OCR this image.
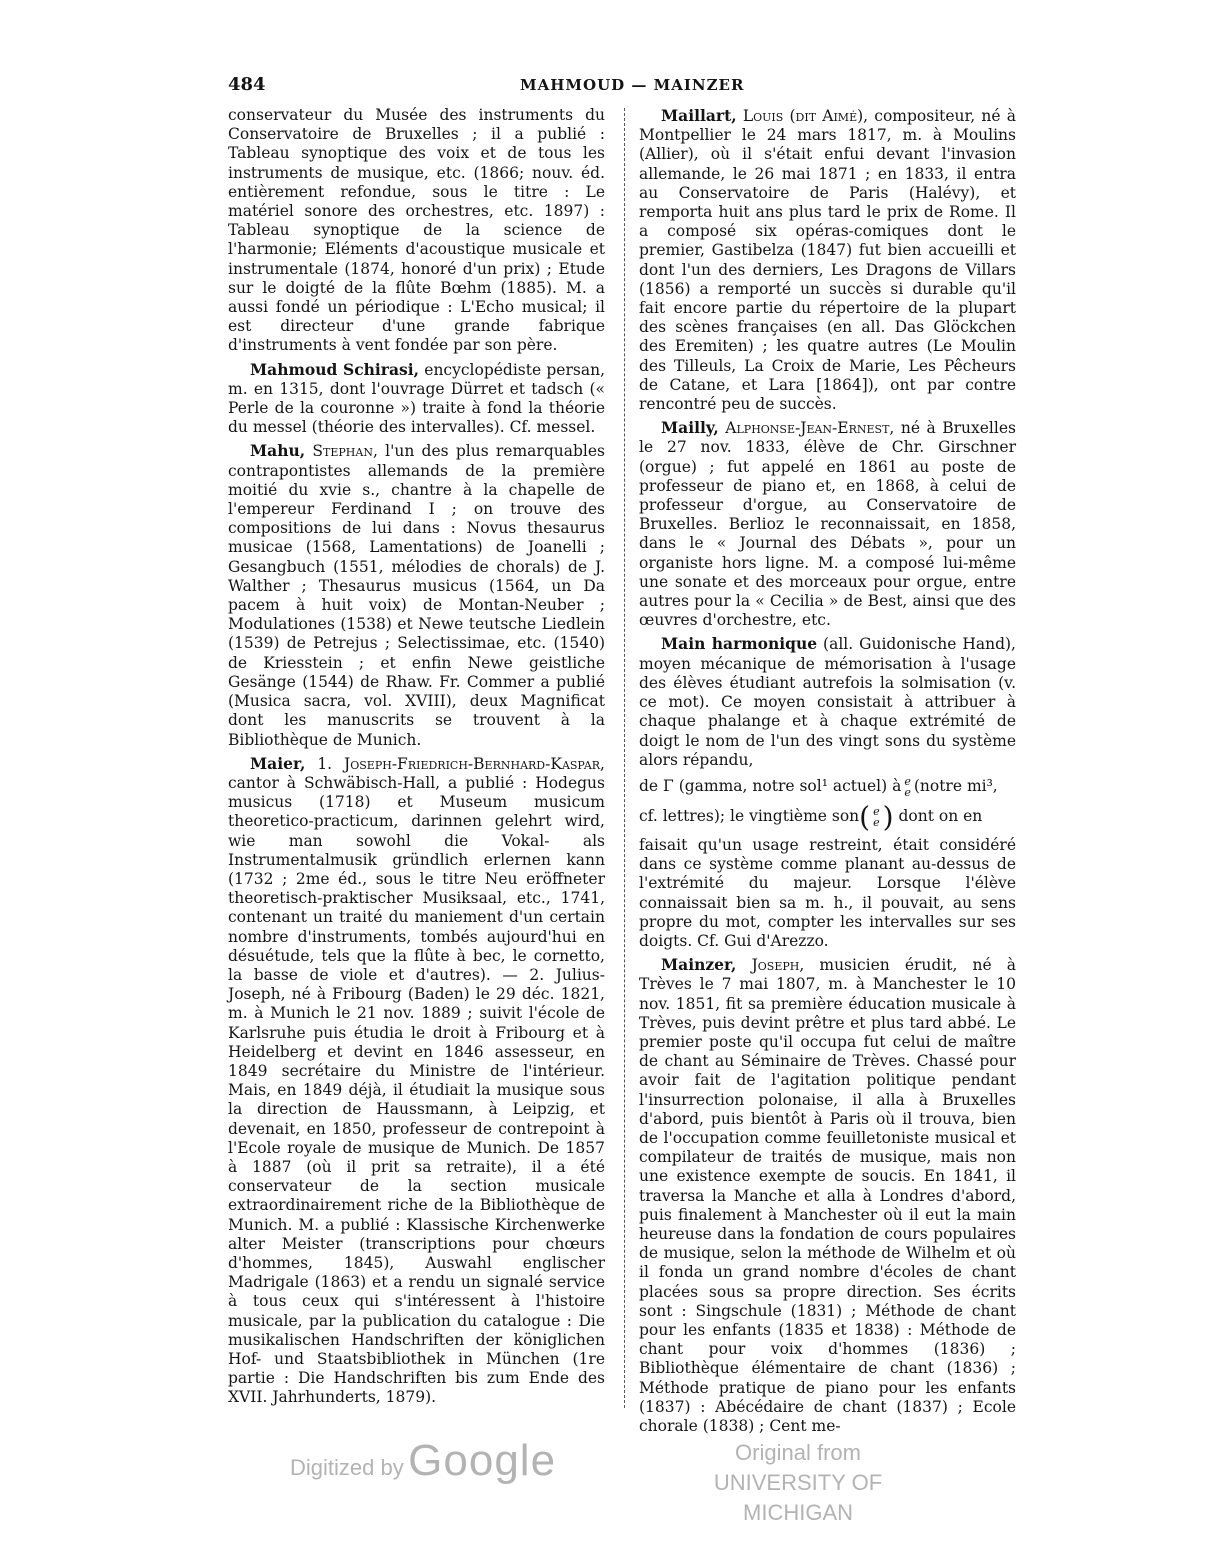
484	MAHMOUD — MAINZER

conservateur du Musée des instruments du Conservatoire de Bruxelles ; il a publié : Tableau synoptique des voix et de tous les instruments de musique, etc. (1866; nouv. éd. entièrement refondue, sous le titre : Le matériel sonore des orchestres, etc. 1897) : Tableau synoptique de la science de l'harmonie; Eléments d'acoustique musicale et instrumentale (1874, honoré d'un prix) ; Etude sur le doigté de la flûte Bœhm (1885). M. a aussi fondé un périodique : L'Echo musical; il est directeur d'une grande fabrique d'instruments à vent fondée par son père.

Mahmoud Schirasi, encyclopédiste persan, m. en 1315, dont l'ouvrage Dürret et tadsch (« Perle de la couronne ») traite à fond la théorie du messel (théorie des intervalles). Cf. messel.

Mahu, Stephan, l'un des plus remarquables contrapontistes allemands de la première moitié du xvie s., chantre à la chapelle de l'empereur Ferdinand I ; on trouve des compositions de lui dans : Novus thesaurus musicae (1568, Lamentations) de Joanelli ; Gesangbuch (1551, mélodies de chorals) de J. Walther ; Thesaurus musicus (1564, un Da pacem à huit voix) de Montan-Neuber ; Modulationes (1538) et Newe teutsche Liedlein (1539) de Petrejus ; Selectissimae, etc. (1540) de Kriesstein ; et enfin Newe geistliche Gesänge (1544) de Rhaw. Fr. Commer a publié (Musica sacra, vol. XVIII), deux Magnificat dont les manuscrits se trouvent à la Bibliothèque de Munich.

Maier, 1. Joseph-Friedrich-Bernhard-Kaspar, cantor à Schwäbisch-Hall, a publié : Hodegus musicus (1718) et Museum musicum theoretico-practicum, darinnen gelehrt wird, wie man sowohl die Vokal- als Instrumentalmusik gründlich erlernen kann (1732 ; 2me éd., sous le titre Neu eröffneter theoretisch-praktischer Musiksaal, etc., 1741, contenant un traité du maniement d'un certain nombre d'instruments, tombés aujourd'hui en désuétude, tels que la flûte à bec, le cornetto, la basse de viole et d'autres). — 2. Julius-Joseph, né à Fribourg (Baden) le 29 déc. 1821, m. à Munich le 21 nov. 1889 ; suivit l'école de Karlsruhe puis étudia le droit à Fribourg et à Heidelberg et devint en 1846 assesseur, en 1849 secrétaire du Ministre de l'intérieur. Mais, en 1849 déjà, il étudiait la musique sous la direction de Haussmann, à Leipzig, et devenait, en 1850, professeur de contrepoint à l'Ecole royale de musique de Munich. De 1857 à 1887 (où il prit sa retraite), il a été conservateur de la section musicale extraordinairement riche de la Bibliothèque de Munich. M. a publié : Klassische Kirchenwerke alter Meister (transcriptions pour chœurs d'hommes, 1845), Auswahl englischer Madrigale (1863) et a rendu un signalé service à tous ceux qui s'intéressent à l'histoire musicale, par la publication du catalogue : Die musikalischen Handschriften der königlichen Hof- und Staatsbibliothek in München (1re partie : Die Handschriften bis zum Ende des XVII. Jahrhunderts, 1879).

Maillart, Louis (dit Aimé), compositeur, né à Montpellier le 24 mars 1817, m. à Moulins (Allier), où il s'était enfui devant l'invasion allemande, le 26 mai 1871 ; en 1833, il entra au Conservatoire de Paris (Halévy), et remporta huit ans plus tard le prix de Rome. Il a composé six opéras-comiques dont le premier, Gastibelza (1847) fut bien accueilli et dont l'un des derniers, Les Dragons de Villars (1856) a remporté un succès si durable qu'il fait encore partie du répertoire de la plupart des scènes françaises (en all. Das Glöckchen des Eremiten) ; les quatre autres (Le Moulin des Tilleuls, La Croix de Marie, Les Pêcheurs de Catane, et Lara [1864]), ont par contre rencontré peu de succès.

Mailly, Alphonse-Jean-Ernest, né à Bruxelles le 27 nov. 1833, élève de Chr. Girschner (orgue) ; fut appelé en 1861 au poste de professeur de piano et, en 1868, à celui de professeur d'orgue, au Conservatoire de Bruxelles. Berlioz le reconnaissait, en 1858, dans le « Journal des Débats », pour un organiste hors ligne. M. a composé lui-même une sonate et des morceaux pour orgue, entre autres pour la « Cecilia » de Best, ainsi que des œuvres d'orchestre, etc.

Main harmonique (all. Guidonische Hand), moyen mécanique de mémorisation à l'usage des élèves étudiant autrefois la solmisation (v. ce mot). Ce moyen consistait à attribuer à chaque phalange et à chaque extrémité de doigt le nom de l'un des vingt sons du système alors répandu,

de Γ (gamma, notre sol¹ actuel) à e
e (notre mi³,

cf. lettres); le vingtième son( e
e ) dont on en

faisait qu'un usage restreint, était considéré dans ce système comme planant au-dessus de l'extrémité du majeur. Lorsque l'élève connaissait bien sa m. h., il pouvait, au sens propre du mot, compter les intervalles sur ses doigts. Cf. Gui d'Arezzo.

Mainzer, Joseph, musicien érudit, né à Trèves le 7 mai 1807, m. à Manchester le 10 nov. 1851, fit sa première éducation musicale à Trèves, puis devint prêtre et plus tard abbé. Le premier poste qu'il occupa fut celui de maître de chant au Séminaire de Trèves. Chassé pour avoir fait de l'agitation politique pendant l'insurrection polonaise, il alla à Bruxelles d'abord, puis bientôt à Paris où il trouva, bien de l'occupation comme feuilletoniste musical et compilateur de traités de musique, mais non une existence exempte de soucis. En 1841, il traversa la Manche et alla à Londres d'abord, puis finalement à Manchester où il eut la main heureuse dans la fondation de cours populaires de musique, selon la méthode de Wilhelm et où il fonda un grand nombre d'écoles de chant placées sous sa propre direction. Ses écrits sont : Singschule (1831) ; Méthode de chant pour les enfants (1835 et 1838) : Méthode de chant pour voix d'hommes (1836) ; Bibliothèque élémentaire de chant (1836) ; Méthode pratique de piano pour les enfants (1837) : Abécédaire de chant (1837) ; Ecole chorale (1838) ; Cent me-

Digitized by Google	Original from
UNIVERSITY OF MICHIGAN
